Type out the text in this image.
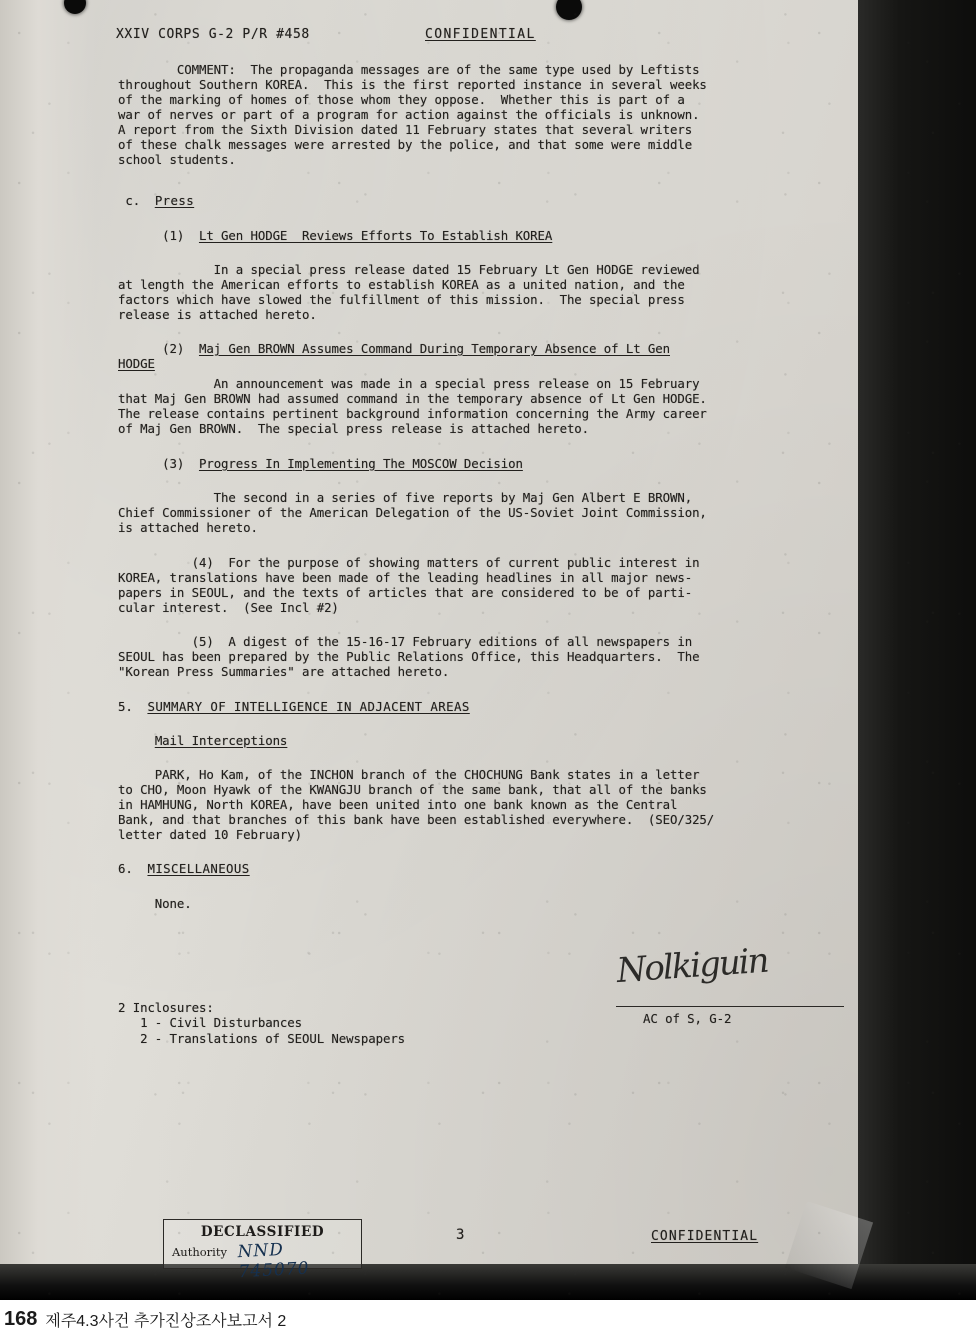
XXIV CORPS G-2 P/R #458	CONFIDENTIAL
COMMENT:  The propaganda messages are of the same type used by Leftists
throughout Southern KOREA.  This is the first reported instance in several weeks
of the marking of homes of those whom they oppose.  Whether this is part of a
war of nerves or part of a program for action against the officials is unknown.
A report from the Sixth Division dated 11 February states that several writers
of these chalk messages were arrested by the police, and that some were middle
school students.
c.  Press
(1)  Lt Gen HODGE  Reviews Efforts To Establish KOREA
In a special press release dated 15 February Lt Gen HODGE reviewed
at length the American efforts to establish KOREA as a united nation, and the
factors which have slowed the fulfillment of this mission.  The special press
release is attached hereto.
(2)  Maj Gen BROWN Assumes Command During Temporary Absence of Lt Gen
HODGE
An announcement was made in a special press release on 15 February
that Maj Gen BROWN had assumed command in the temporary absence of Lt Gen HODGE.
The release contains pertinent background information concerning the Army career
of Maj Gen BROWN.  The special press release is attached hereto.
(3)  Progress In Implementing The MOSCOW Decision
The second in a series of five reports by Maj Gen Albert E BROWN,
Chief Commissioner of the American Delegation of the US-Soviet Joint Commission,
is attached hereto.
(4)  For the purpose of showing matters of current public interest in
KOREA, translations have been made of the leading headlines in all major news-
papers in SEOUL, and the texts of articles that are considered to be of parti-
cular interest.  (See Incl #2)
(5)  A digest of the 15-16-17 February editions of all newspapers in
SEOUL has been prepared by the Public Relations Office, this Headquarters.  The
"Korean Press Summaries" are attached hereto.
5.  SUMMARY OF INTELLIGENCE IN ADJACENT AREAS
Mail Interceptions
PARK, Ho Kam, of the INCHON branch of the CHOCHUNG Bank states in a letter
to CHO, Moon Hyawk of the KWANGJU branch of the same bank, that all of the banks
in HAMHUNG, North KOREA, have been united into one bank known as the Central
Bank, and that branches of this bank have been established everywhere.  (SEO/325/
letter dated 10 February)
6.  MISCELLANEOUS
None.
2 Inclosures:
1 - Civil Disturbances
2 - Translations of SEOUL Newspapers
Nolkiguin
AC of S, G-2
3	CONFIDENTIAL
DECLASSIFIED
Authority NND 745070
168 제주4.3사건 추가진상조사보고서 2
